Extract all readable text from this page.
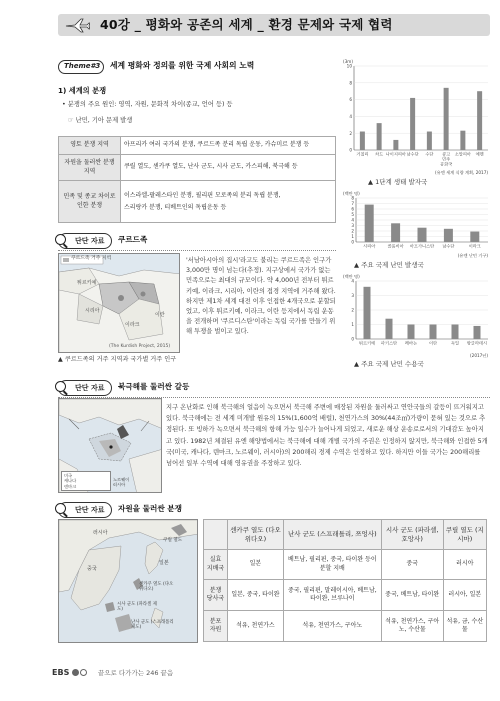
40강 _ 평화와 공존의 세계 _ 환경 문제와 국제 협력
Theme#3 세계 평화와 정의를 위한 국제 사회의 노력
1) 세계의 분쟁
• 분쟁의 주요 원인: 영역, 자원, 문화적 차이(종교, 언어 등) 등
☞ 난민, 기아 문제 발생
영토 분쟁 지역	아프리카 여러 국가의 분쟁, 쿠르드족 분리 독립 운동, 카슈미르 분쟁 등
자원을 둘러싼 분쟁 지역	쿠릴 열도, 센카쿠 열도, 난사 군도, 시사 군도, 카스피해, 북극해 등
민족 및 종교 차이로 인한 분쟁	이스라엘-팔레스타인 분쟁, 필리핀 모로족의 분리 독립 분쟁,
스리랑카 분쟁, 티베트인의 독립운동 등
0
2
4
6
8
10
(3m)
거칠리 차드 나이지리아 남수단 수단 콩고
민주
공화국
소말리아 예멘
(유엔 세계 식량 계획, 2017)
▲ 1단계 생태 발자국
0
1
2
3
4
5
6
7
8
(백만 명)
시리아	콜롬비아 아프가니스탄 남수단	이라크
(유엔 난민 기구)
▲ 주요 국제 난민 발생국
0
1
2
3
4
(백만 명)
튀르키예 파키스탄 레바논	이란	독일 방글라데시
(2017년)
▲ 주요 국제 난민 수용국
단단 자료	쿠르드족
튀르키예
시리아
이라크
이란
쿠르드족 거주 지역
(The Kurdish Project, 2015)
▲ 쿠르드족의 거주 지역과 국가별 거주 인구
'서남아시아의 집시'라고도 불리는 쿠르드족은 인구가 3,000만 명이 넘는다(추정). 지구상에서 국가가 없는 민족으로는 최대의 규모이다. 약 4,000년 전부터 튀르키예, 이라크, 시리아, 이란의 접경 지역에 거주해 왔다. 하지만 제1차 세계 대전 이후 인접한 4개국으로 분할되었고, 이후 튀르키예, 이라크, 이란 등지에서 독립 운동을 전개하며 '쿠르디스탄'이라는 독립 국가를 만들기 위해 투쟁을 벌이고 있다.
단단 자료	북극해를 둘러싼 갈등
미국
캐나다
덴마크
노르웨이
러시아
지구 온난화로 인해 북극해의 얼음이 녹으면서 북극해 주변에 매장된 자원을 둘러싸고 연안국들의 갈등이 뜨거워지고 있다. 북극해에는 전 세계 미개발 원유의 15%(1,600억 배럴), 천연가스의 30%(44조㎥)가량이 묻혀 있는 것으로 추정된다. 또 빙하가 녹으면서 북극해의 항해 가능 일수가 늘어나게 되었고, 새로운 해상 운송로로서의 기대감도 높아지고 있다. 1982년 체결된 유엔 해양법에서는 북극해에 대해 개별 국가의 주권은 인정하지 않지만, 북극해와 인접한 5개국(미국, 캐나다, 덴마크, 노르웨이, 러시아)의 200해리 경제 수역은 인정하고 있다. 하지만 이들 국가는 200해리를 넘어선 일부 수역에 대해 영유권을 주장하고 있다.
단단 자료	자원을 둘러싼 분쟁
러시아
중국
일본
쿠릴 열도
센카쿠 열도 (댜오위다오)
시사 군도 (파라셀 제도)
난사 군도 (스프래틀리 제도)
	센카쿠 열도 (다오위다오)	난사 군도 (스프래틀리, 쯔엉사)	시사 군도 (파라셀, 호앙사)	쿠릴 열도 (지시마)
실효 지배국	일본	베트남, 필리핀, 중국, 타이완 등이 분할 지배	중국	러시아
분쟁 당사국	일본, 중국, 타이완	중국, 필리핀, 말레이시아, 베트남, 타이완, 브루나이	중국, 베트남, 타이완	러시아, 일본
분포 자원	석유, 천연가스	석유, 천연가스, 구아노	석유, 천연가스, 구아노, 수산물	석유, 금, 수산물
EBS	끝으로 다가가는 246 끝음
